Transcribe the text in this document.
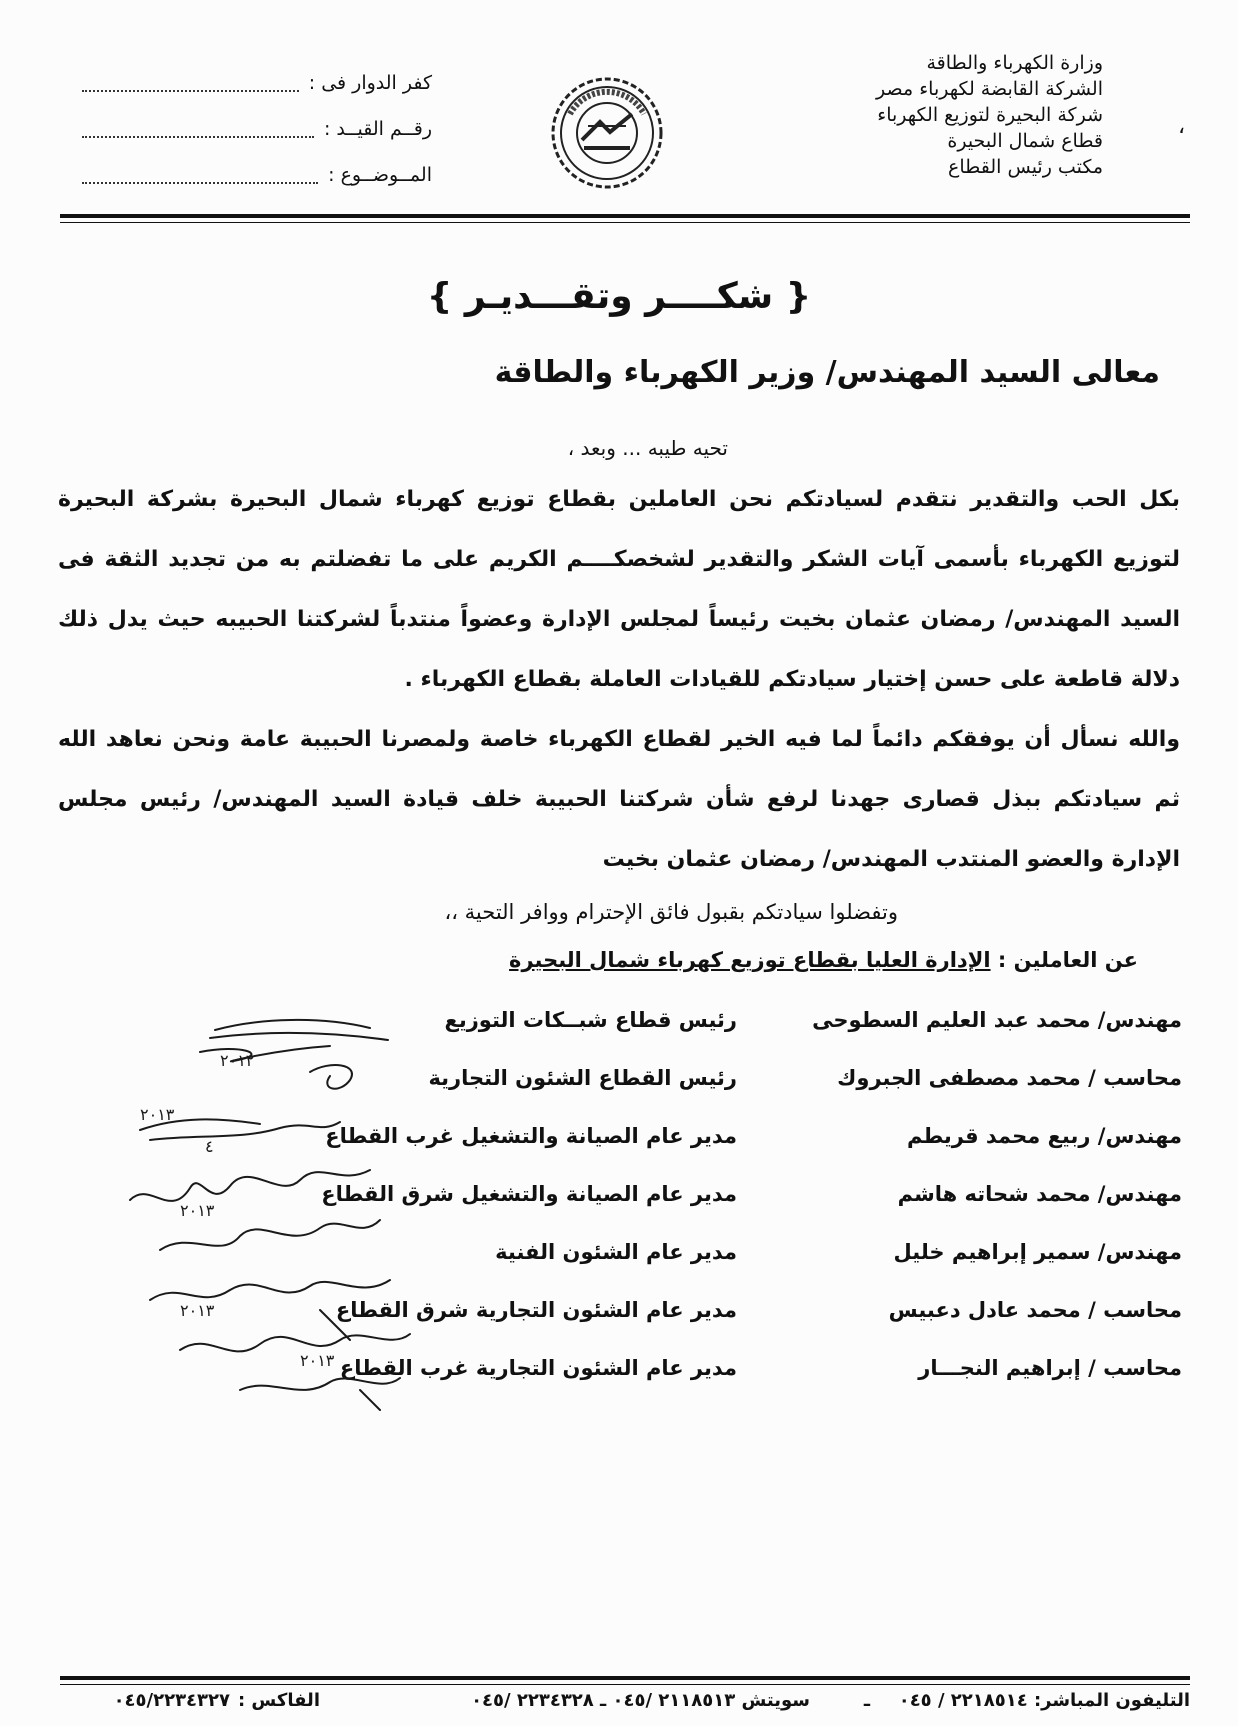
كفر الدوار فى :
رقــم القيــد :
المــوضــوع :
وزارة الكهرباء والطاقة
الشركة القابضة لكهرباء مصر
شركة البحيرة لتوزيع الكهرباء
قطاع شمال البحيرة
مكتب رئيس القطاع
،
{ شكــــر وتقـــديـر }
معالى السيد المهندس/ وزير الكهرباء والطاقة
تحيه طيبه ... وبعد ،
بكل الحب والتقدير نتقدم لسيادتكم نحن العاملين بقطاع توزيع كهرباء شمال البحيرة بشركة البحيرة لتوزيع الكهرباء بأسمى آيات الشكر والتقدير لشخصكــــم الكريم على ما تفضلتم به من تجديد الثقة فى السيد المهندس/ رمضان عثمان بخيت رئيساً لمجلس الإدارة وعضواً منتدباً لشركتنا الحبيبه حيث يدل ذلك دلالة قاطعة على حسن إختيار سيادتكم للقيادات العاملة بقطاع الكهرباء .
والله نسأل أن يوفقكم دائماً لما فيه الخير لقطاع الكهرباء خاصة ولمصرنا الحبيبة عامة ونحن نعاهد الله ثم سيادتكم ببذل قصارى جهدنا لرفع شأن شركتنا الحبيبة خلف قيادة السيد المهندس/ رئيس مجلس الإدارة والعضو المنتدب المهندس/ رمضان عثمان بخيت
وتفضلوا سيادتكم بقبول فائق الإحترام ووافر التحية ،،
عن العاملين : الإدارة العليا بقطاع توزيع كهرباء شمال البحيرة
مهندس/ محمد عبد العليم السطوحى
رئيس قطاع شبــكات التوزيع
محاسب / محمد مصطفى الجبروك
رئيس القطاع الشئون التجارية
مهندس/ ربيع محمد قريطم
مدير عام الصيانة والتشغيل غرب القطاع
مهندس/ محمد شحاته هاشم
مدير عام الصيانة والتشغيل شرق القطاع
مهندس/ سمير إبراهيم خليل
مدير عام الشئون الفنية
محاسب / محمد عادل دعبيس
مدير عام الشئون التجارية شرق القطاع
محاسب / إبراهيم النجـــار
مدير عام الشئون التجارية غرب القطاع
٢٠١٢
٢٠١٣
٢٠١٣
٢٠١٣
٢٠١٣
٤
التليفون المباشر: ٢٢١٨٥١٤ / ٠٤٥
ـ
سويتش ٢١١٨٥١٣ /٠٤٥ ـ ٢٢٣٤٣٢٨ /٠٤٥
الفاكس :
٠٤٥/٢٢٣٤٣٢٧
